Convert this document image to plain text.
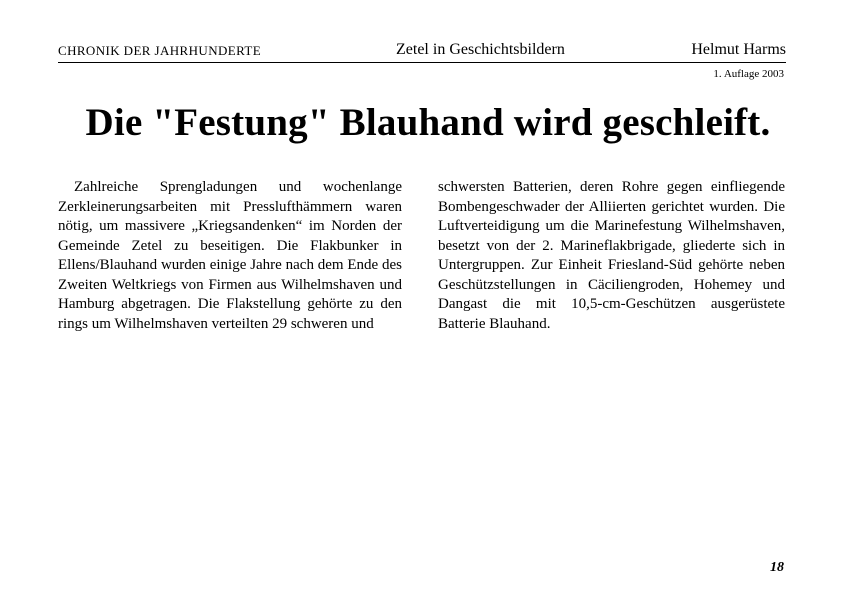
CHRONIK DER JAHRHUNDERTE	Zetel in Geschichtsbildern	Helmut Harms
1. Auflage 2003
Die "Festung" Blauhand wird geschleift.

Zahlreiche Sprengladungen und wochenlange Zerkleinerungsarbeiten mit Presslufthämmern waren nötig, um massivere „Kriegsandenken“ im Norden der Gemeinde Zetel zu beseitigen. Die Flakbunker in Ellens/Blauhand wurden einige Jahre nach dem Ende des Zweiten Weltkriegs von Firmen aus Wilhelmshaven und Hamburg abgetragen. Die Flakstellung gehörte zu den rings um Wilhelmshaven verteilten 29 schweren und

schwersten Batterien, deren Rohre gegen einfliegende Bombengeschwader der Alliierten gerichtet wurden. Die Luftverteidigung um die Marinefestung Wilhelmshaven, besetzt von der 2. Marineflakbrigade, gliederte sich in Untergruppen. Zur Einheit Friesland-Süd gehörte neben Geschützstellungen in Cäciliengroden, Hohemey und Dangast die mit 10,5-cm-Geschützen ausgerüstete Batterie Blauhand.

18
